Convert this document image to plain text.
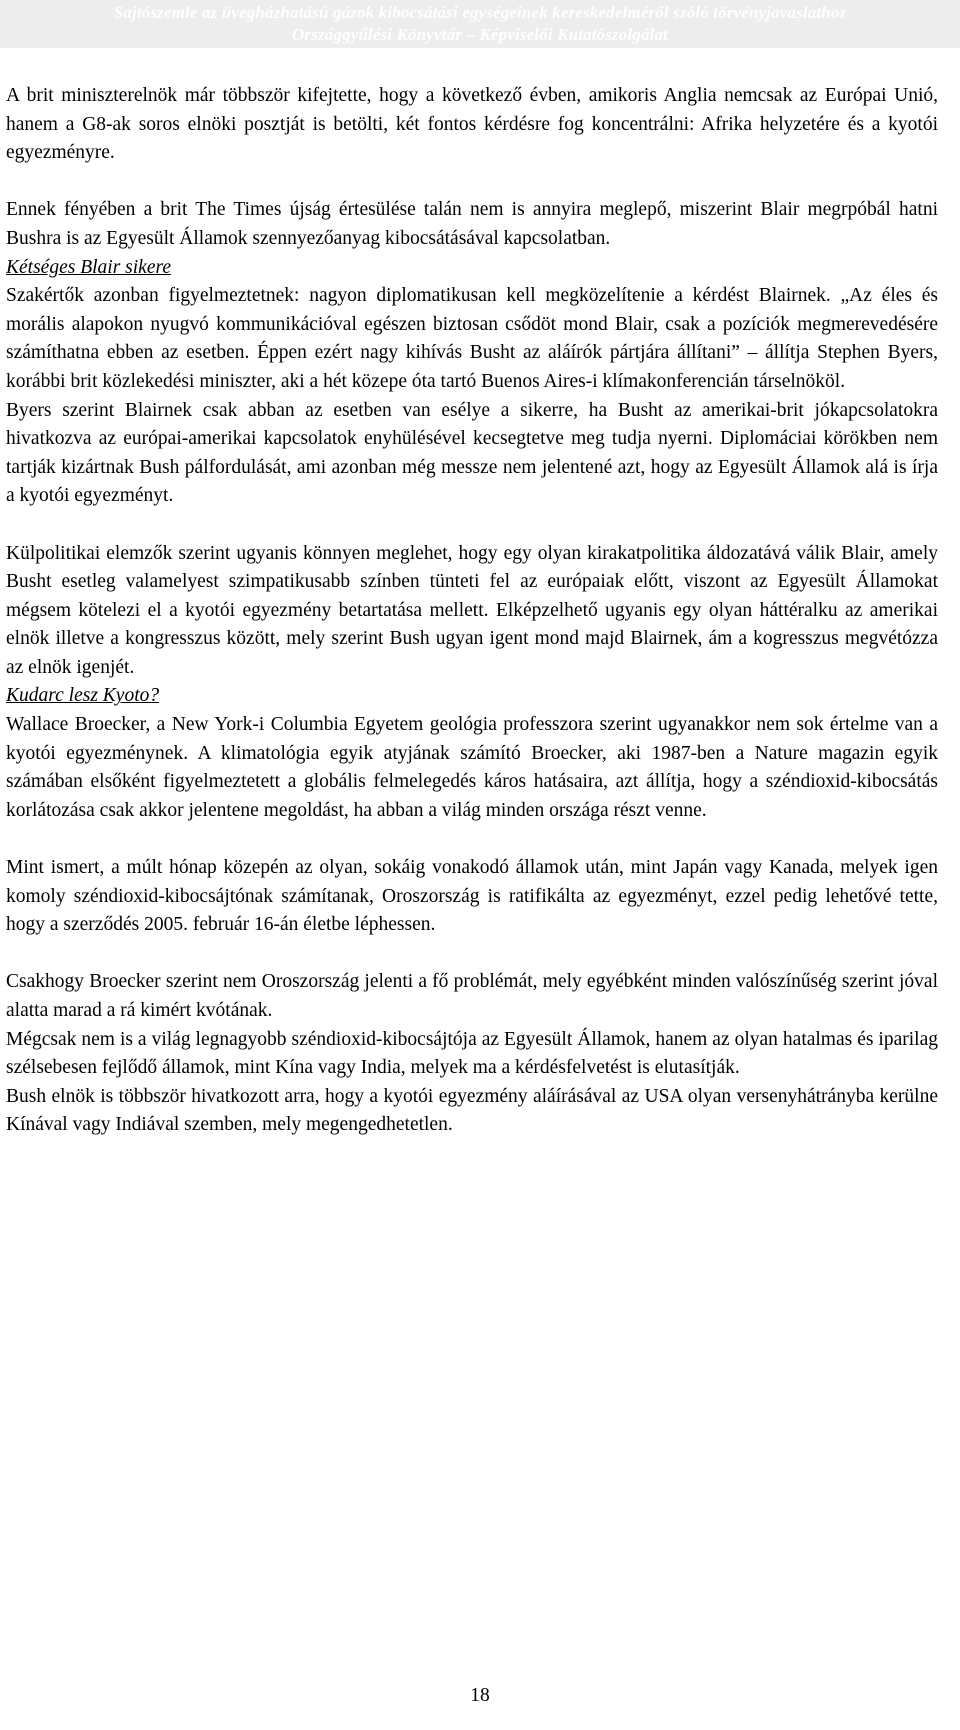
Sajtószemle az üvegházhatású gázok kibocsátási egységeinek kereskedelméről szóló törvényjavaslathoz
Országgyűlési Könyvtár – Képviselői Kutatószolgálat

A brit miniszterelnök már többször kifejtette, hogy a következő évben, amikoris Anglia nemcsak az Európai Unió, hanem a G8-ak soros elnöki posztját is betölti, két fontos kérdésre fog koncentrálni: Afrika helyzetére és a kyotói egyezményre.

Ennek fényében a brit The Times újság értesülése talán nem is annyira meglepő, miszerint Blair megrpóbál hatni Bushra is az Egyesült Államok szennyezőanyag kibocsátásával kapcsolatban.

Kétséges Blair sikere

Szakértők azonban figyelmeztetnek: nagyon diplomatikusan kell megközelítenie a kérdést Blairnek. „Az éles és morális alapokon nyugvó kommunikációval egészen biztosan csődöt mond Blair, csak a pozíciók megmerevedésére számíthatna ebben az esetben. Éppen ezért nagy kihívás Busht az aláírók pártjára állítani” – állítja Stephen Byers, korábbi brit közlekedési miniszter, aki a hét közepe óta tartó Buenos Aires-i klímakonferencián társelnököl.

Byers szerint Blairnek csak abban az esetben van esélye a sikerre, ha Busht az amerikai-brit jókapcsolatokra hivatkozva az európai-amerikai kapcsolatok enyhülésével kecsegtetve meg tudja nyerni. Diplomáciai körökben nem tartják kizártnak Bush pálfordulását, ami azonban még messze nem jelentené azt, hogy az Egyesült Államok alá is írja a kyotói egyezményt.

Külpolitikai elemzők szerint ugyanis könnyen meglehet, hogy egy olyan kirakatpolitika áldozatává válik Blair, amely Busht esetleg valamelyest szimpatikusabb színben tünteti fel az európaiak előtt, viszont az Egyesült Államokat mégsem kötelezi el a kyotói egyezmény betartatása mellett. Elképzelhető ugyanis egy olyan háttéralku az amerikai elnök illetve a kongresszus között, mely szerint Bush ugyan igent mond majd Blairnek, ám a kogresszus megvétózza az elnök igenjét.

Kudarc lesz Kyoto?

Wallace Broecker, a New York-i Columbia Egyetem geológia professzora szerint ugyanakkor nem sok értelme van a kyotói egyezménynek. A klimatológia egyik atyjának számító Broecker, aki 1987-ben a Nature magazin egyik számában elsőként figyelmeztetett a globális felmelegedés káros hatásaira, azt állítja, hogy a széndioxid-kibocsátás korlátozása csak akkor jelentene megoldást, ha abban a világ minden országa részt venne.

Mint ismert, a múlt hónap közepén az olyan, sokáig vonakodó államok után, mint Japán vagy Kanada, melyek igen komoly széndioxid-kibocsájtónak számítanak, Oroszország is ratifikálta az egyezményt, ezzel pedig lehetővé tette, hogy a szerződés 2005. február 16-án életbe léphessen.

Csakhogy Broecker szerint nem Oroszország jelenti a fő problémát, mely egyébként minden valószínűség szerint jóval alatta marad a rá kimért kvótának.

Mégcsak nem is a világ legnagyobb széndioxid-kibocsájtója az Egyesült Államok, hanem az olyan hatalmas és iparilag szélsebesen fejlődő államok, mint Kína vagy India, melyek ma a kérdésfelvetést is elutasítják.

Bush elnök is többször hivatkozott arra, hogy a kyotói egyezmény aláírásával az USA olyan versenyhátrányba kerülne Kínával vagy Indiával szemben, mely megengedhetetlen.

18
